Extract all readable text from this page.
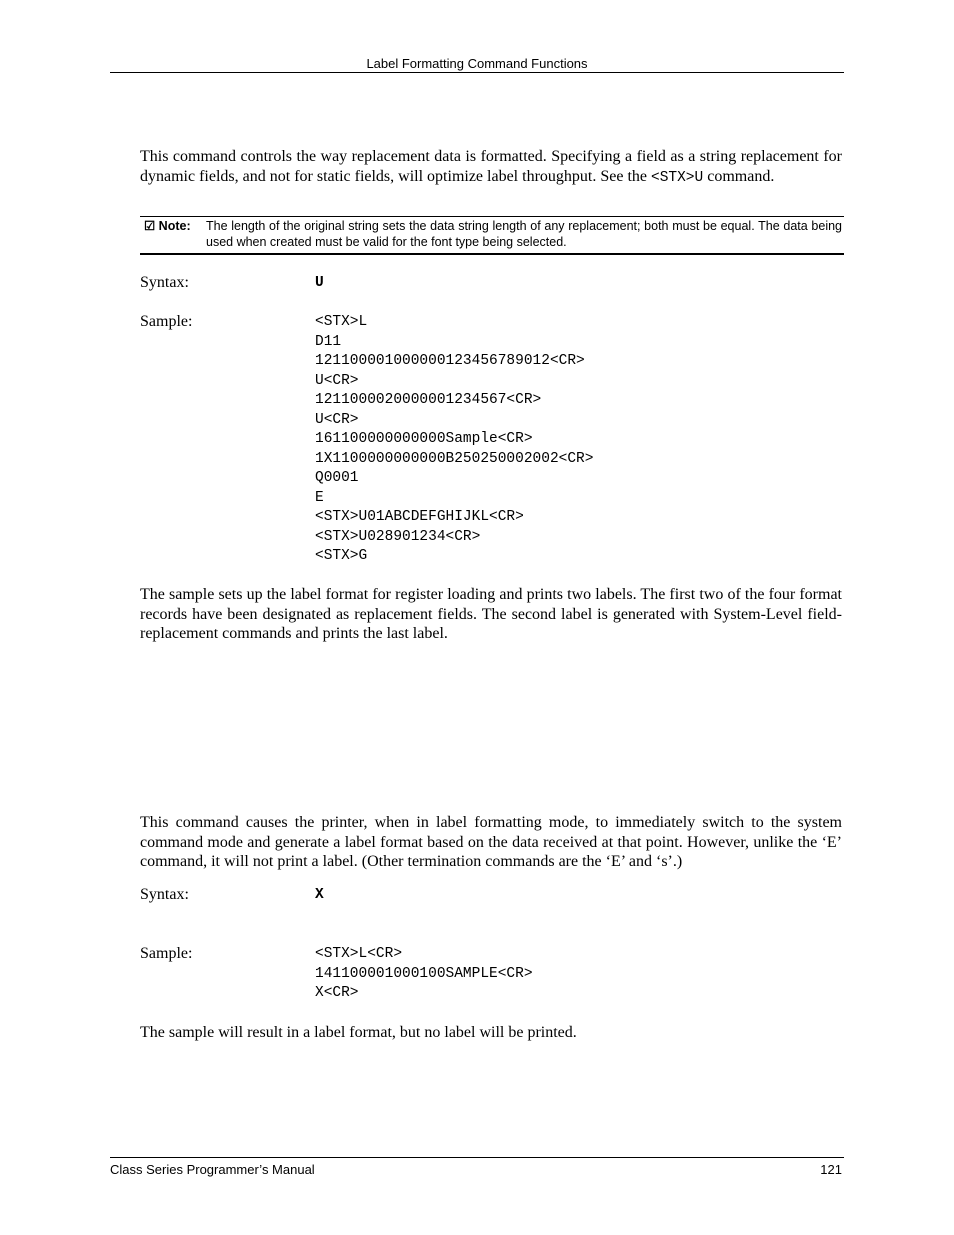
Label Formatting Command Functions
This command controls the way replacement data is formatted. Specifying a field as a string replacement for dynamic fields, and not for static fields, will optimize label throughput. See the <STX>U command.
☑ Note: The length of the original string sets the data string length of any replacement; both must be equal. The data being used when created must be valid for the font type being selected.
Syntax:	U
Sample:	<STX>L
D11
121100001000000123456789012<CR>
U<CR>
1211000020000001234567<CR>
U<CR>
161100000000000Sample<CR>
1X1100000000000B250250002002<CR>
Q0001
E
<STX>U01ABCDEFGHIJKL<CR>
<STX>U028901234<CR>
<STX>G
The sample sets up the label format for register loading and prints two labels. The first two of the four format records have been designated as replacement fields. The second label is generated with System-Level field-replacement commands and prints the last label.
This command causes the printer, when in label formatting mode, to immediately switch to the system command mode and generate a label format based on the data received at that point. However, unlike the ‘E’ command, it will not print a label. (Other termination commands are the ‘E’ and ‘s’.)
Syntax:	X
Sample:	<STX>L<CR>
141100001000100SAMPLE<CR>
X<CR>
The sample will result in a label format, but no label will be printed.
Class Series Programmer’s Manual	121
